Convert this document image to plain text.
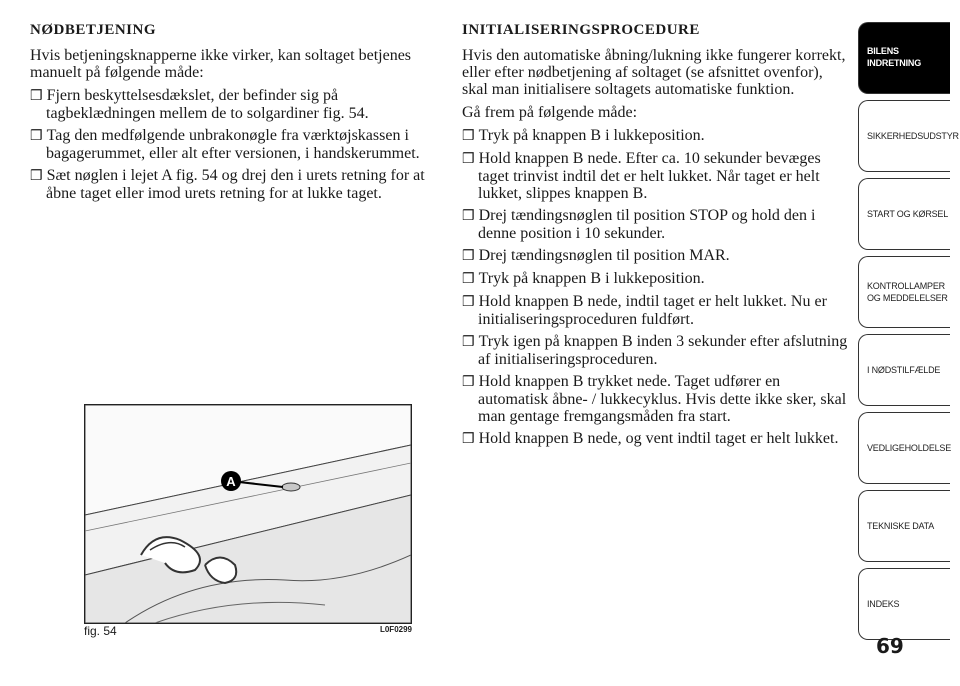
NØDBETJENING

Hvis betjeningsknapperne ikke virker, kan soltaget betjenes manuelt på følgende måde:

❒ Fjern beskyttelsesdækslet, der befinder sig på tagbeklædningen mellem de to solgardiner fig. 54.
❒ Tag den medfølgende unbrakonøgle fra værktøjskassen i bagagerummet, eller alt efter versionen, i handskerummet.
❒ Sæt nøglen i lejet A fig. 54 og drej den i urets retning for at åbne taget eller imod urets retning for at lukke taget.
A
fig. 54	L0F0299
INITIALISERINGSPROCEDURE

Hvis den automatiske åbning/lukning ikke fungerer korrekt, eller efter nødbetjening af soltaget (se afsnittet ovenfor), skal man initialisere soltagets automatiske funktion.

Gå frem på følgende måde:

❒ Tryk på knappen B i lukkeposition.
❒ Hold knappen B nede. Efter ca. 10 sekunder bevæges taget trinvist indtil det er helt lukket. Når taget er helt lukket, slippes knappen B.
❒ Drej tændingsnøglen til position STOP og hold den i denne position i 10 sekunder.
❒ Drej tændingsnøglen til position MAR.
❒ Tryk på knappen B i lukkeposition.
❒ Hold knappen B nede, indtil taget er helt lukket. Nu er initialiseringsproceduren fuldført.
❒ Tryk igen på knappen B inden 3 sekunder efter afslutning af initialiseringsproceduren.
❒ Hold knappen B trykket nede. Taget udfører en automatisk åbne- / lukkecyklus. Hvis dette ikke sker, skal man gentage fremgangsmåden fra start.
❒ Hold knappen B nede, og vent indtil taget er helt lukket.
BILENS
INDRETNING
SIKKERHEDSUDSTYR
START OG KØRSEL
KONTROLLAMPER
OG MEDDELELSER
I NØDSTILFÆLDE
VEDLIGEHOLDELSE
TEKNISKE DATA
INDEKS
69
